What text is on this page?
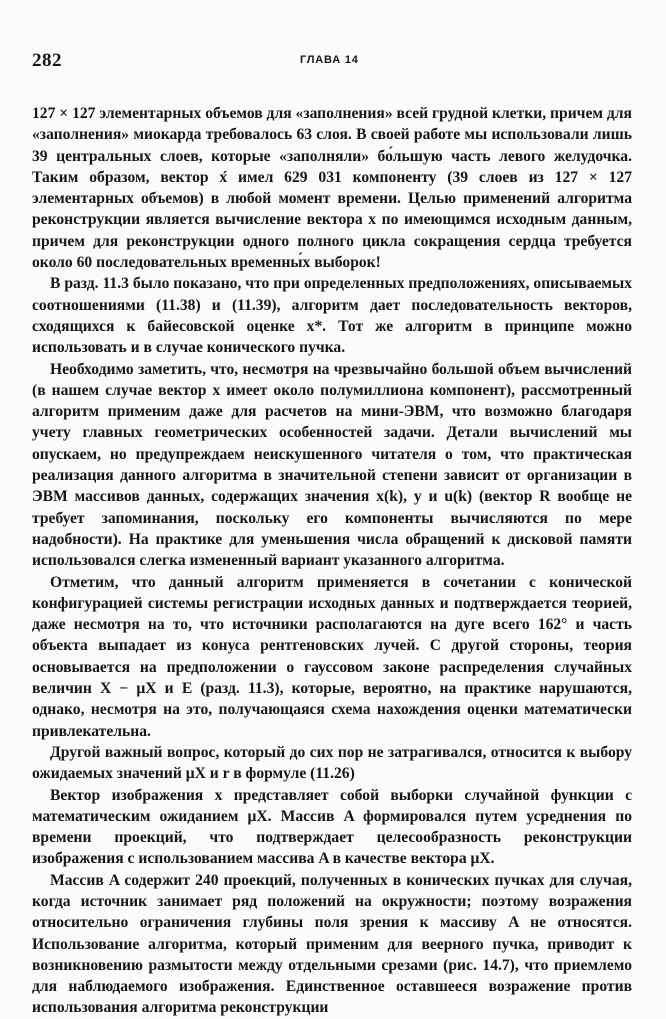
282	ГЛАВА 14

127 × 127 элементарных объемов для «заполнения» всей грудной клетки, причем для «заполнения» миокарда требовалось 63 слоя. В своей работе мы использовали лишь 39 центральных слоев, которые «заполняли» бо́льшую часть левого желудочка. Таким образом, вектор x́ имел 629 031 компоненту (39 слоев из 127 × 127 элементарных объемов) в любой момент времени. Целью применений алгоритма реконструкции является вычисление вектора x по имеющимся исходным данным, причем для реконструкции одного полного цикла сокращения сердца требуется около 60 последовательных временны́х выборок!

В разд. 11.3 было показано, что при определенных предположениях, описываемых соотношениями (11.38) и (11.39), алгоритм дает последовательность векторов, сходящихся к байесовской оценке x*. Тот же алгоритм в принципе можно использовать и в случае конического пучка.

Необходимо заметить, что, несмотря на чрезвычайно большой объем вычислений (в нашем случае вектор x имеет около полумиллиона компонент), рассмотренный алгоритм применим даже для расчетов на мини-ЭВМ, что возможно благодаря учету главных геометрических особенностей задачи. Детали вычислений мы опускаем, но предупреждаем неискушенного читателя о том, что практическая реализация данного алгоритма в значительной степени зависит от организации в ЭВМ массивов данных, содержащих значения x(k), y и u(k) (вектор R вообще не требует запоминания, поскольку его компоненты вычисляются по мере надобности). На практике для уменьшения числа обращений к дисковой памяти использовался слегка измененный вариант указанного алгоритма.

Отметим, что данный алгоритм применяется в сочетании с конической конфигурацией системы регистрации исходных данных и подтверждается теорией, даже несмотря на то, что источники располагаются на дуге всего 162° и часть объекта выпадает из конуса рентгеновских лучей. С другой стороны, теория основывается на предположении о гауссовом законе распределения случайных величин X − μX и E (разд. 11.3), которые, вероятно, на практике нарушаются, однако, несмотря на это, получающаяся схема нахождения оценки математически привлекательна.

Другой важный вопрос, который до сих пор не затрагивался, относится к выбору ожидаемых значений μX и r в формуле (11.26)

Вектор изображения x представляет собой выборки случайной функции с математическим ожиданием μX. Массив A формировался путем усреднения по времени проекций, что подтверждает целесообразность реконструкции изображения с использованием массива A в качестве вектора μX.

Массив A содержит 240 проекций, полученных в конических пучках для случая, когда источник занимает ряд положений на окружности; поэтому возражения относительно ограничения глубины поля зрения к массиву A не относятся. Использование алгоритма, который применим для веерного пучка, приводит к возникновению размытости между отдельными срезами (рис. 14.7), что приемлемо для наблюдаемого изображения. Единственное оставшееся возражение против использования алгоритма реконструкции
